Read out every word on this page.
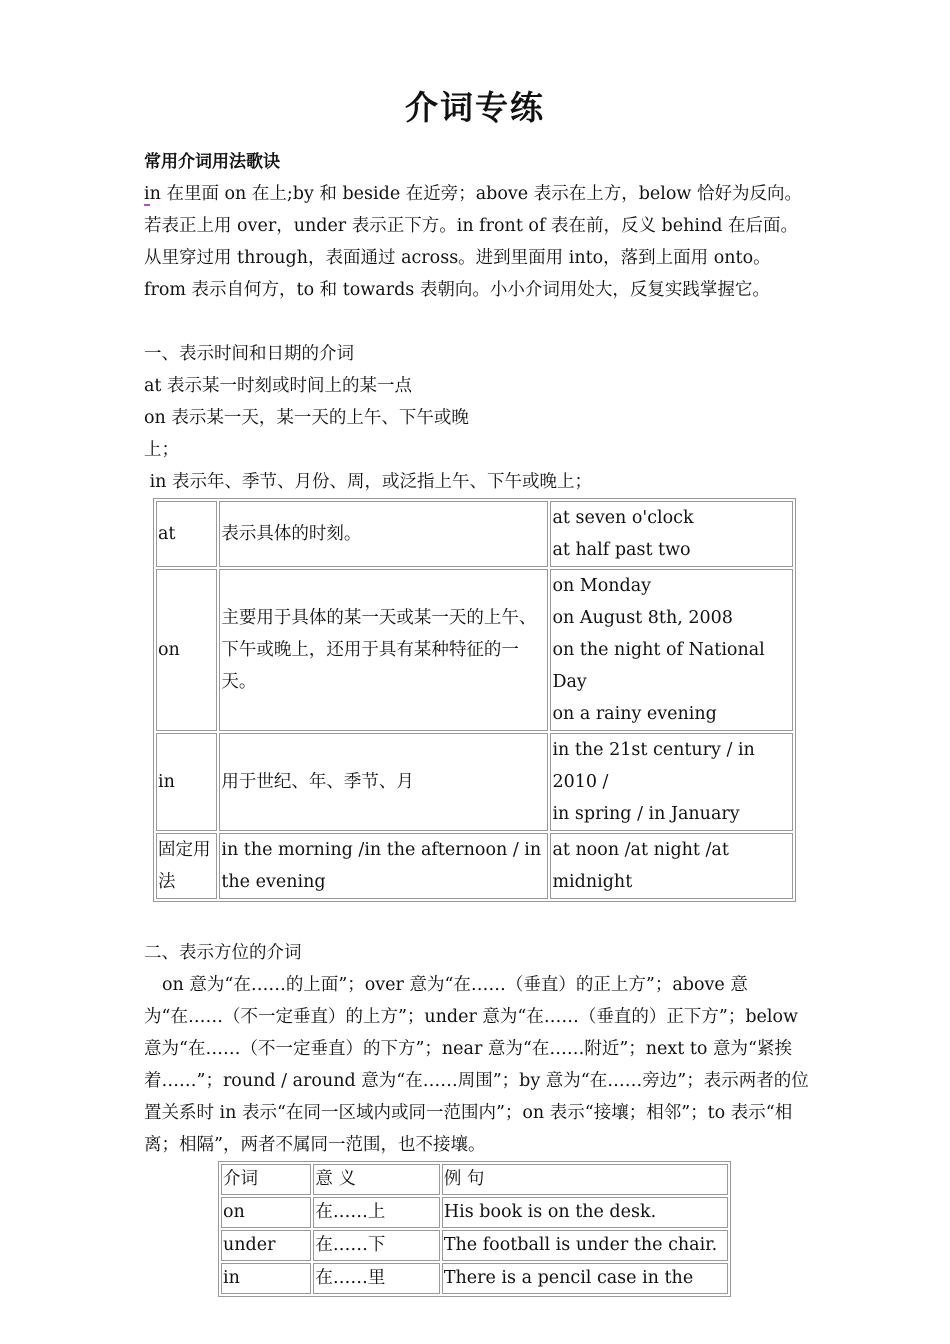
介词专练
常用介词用法歌诀
in 在里面 on 在上;by 和 beside 在近旁；above 表示在上方，below 恰好为反向。
若表正上用 over，under 表示正下方。in front of 表在前，反义 behind 在后面。
从里穿过用 through，表面通过 across。进到里面用 into，落到上面用 onto。
from 表示自何方，to 和 towards 表朝向。小小介词用处大，反复实践掌握它。
一、表示时间和日期的介词
at 表示某一时刻或时间上的某一点
on 表示某一天，某一天的上午、下午或晚
上；
in 表示年、季节、月份、周，或泛指上午、下午或晚上；
at	表示具体的时刻。	at seven o'clock
at half past two

on	主要用于具体的某一天或某一天的上午、下午或晚上，还用于具有某种特征的一天。	on Monday
on August 8th, 2008
on the night of National Day
on a rainy evening

in	用于世纪、年、季节、月	in the 21st century / in 2010 /
in spring / in January

固定用法	in the morning /in the afternoon / in the evening	at noon /at night /at midnight
二、表示方位的介词
on 意为“在……的上面”；over 意为“在……（垂直）的正上方”；above 意为“在……（不一定垂直）的上方”；under 意为“在……（垂直的）正下方”；below 意为“在……（不一定垂直）的下方”；near 意为“在……附近”；next to 意为“紧挨着……”；round / around 意为“在……周围”；by 意为“在……旁边”；表示两者的位置关系时 in 表示“在同一区域内或同一范围内”；on 表示“接壤；相邻”；to 表示“相离；相隔”，两者不属同一范围，也不接壤。
介词	意 义	例 句
on	在……上	His book is on the desk.
under	在……下	The football is under the chair.
in	在……里	There is a pencil case in the
